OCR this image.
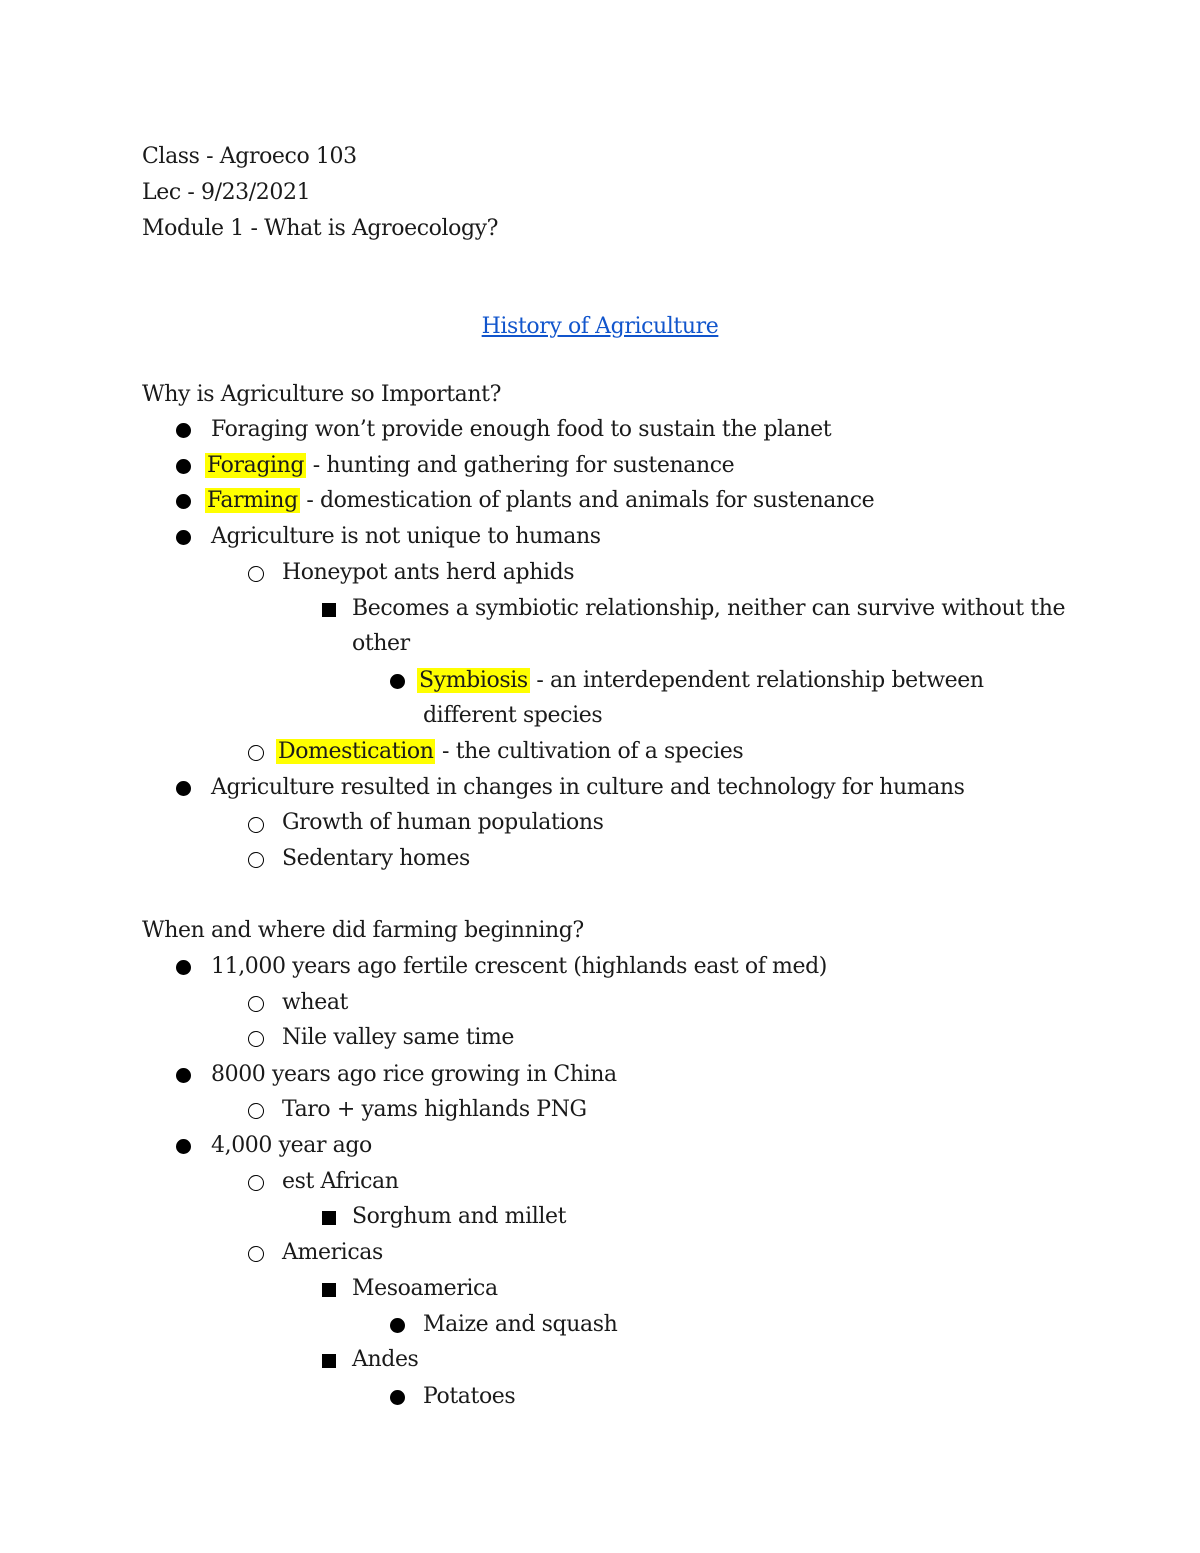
Class - Agroeco 103
Lec - 9/23/2021
Module 1 - What is Agroecology?
History of Agriculture
Why is Agriculture so Important?
Foraging won’t provide enough food to sustain the planet
Foraging - hunting and gathering for sustenance
Farming - domestication of plants and animals for sustenance
Agriculture is not unique to humans
Honeypot ants herd aphids
Becomes a symbiotic relationship, neither can survive without the
other
Symbiosis - an interdependent relationship between
different species
Domestication - the cultivation of a species
Agriculture resulted in changes in culture and technology for humans
Growth of human populations
Sedentary homes
When and where did farming beginning?
11,000 years ago fertile crescent (highlands east of med)
wheat
Nile valley same time
8000 years ago rice growing in China
Taro + yams highlands PNG
4,000 year ago
est African
Sorghum and millet
Americas
Mesoamerica
Maize and squash
Andes
Potatoes
